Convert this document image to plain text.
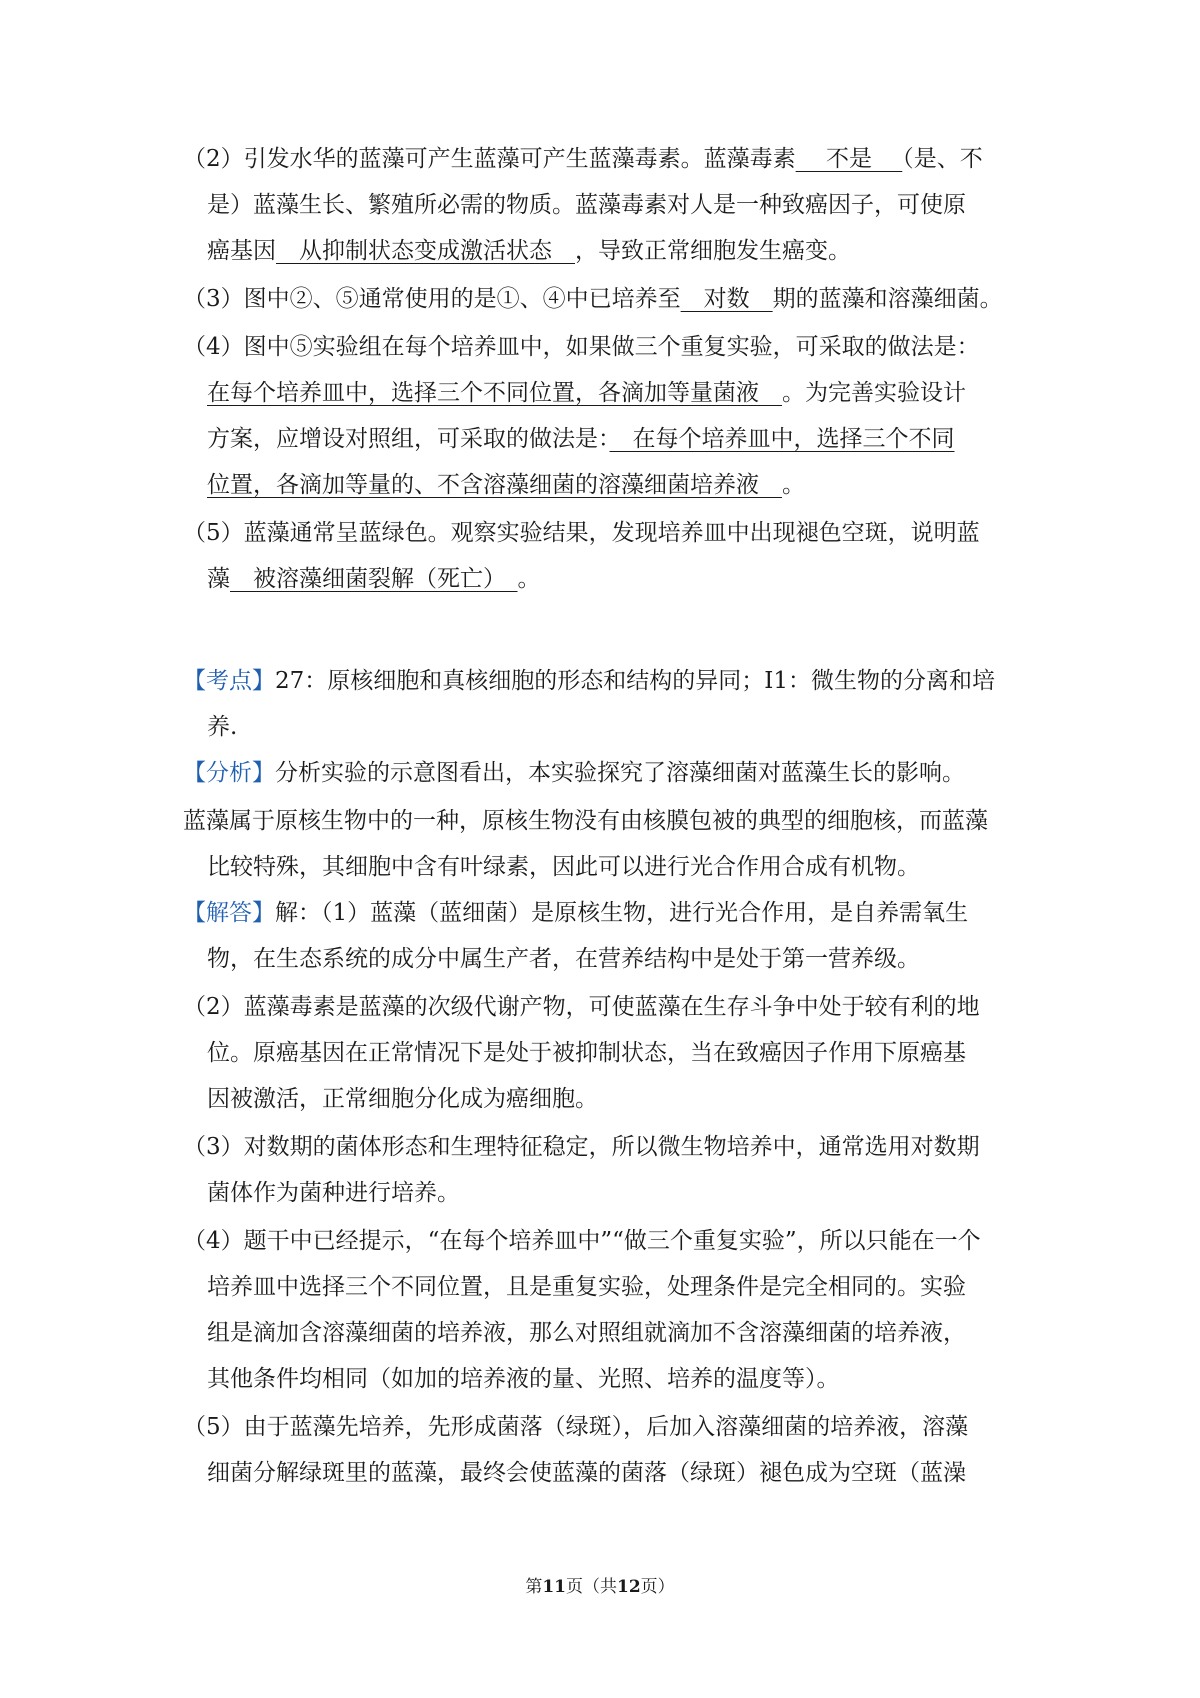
（2）引发水华的蓝藻可产生蓝藻可产生蓝藻毒素。蓝藻毒素　 不是 　（是、不
是）蓝藻生长、繁殖所必需的物质。蓝藻毒素对人是一种致癌因子，可使原
癌基因　从抑制状态变成激活状态　，导致正常细胞发生癌变。
（3）图中②、⑤通常使用的是①、④中已培养至　对数　期的蓝藻和溶藻细菌。
（4）图中⑤实验组在每个培养皿中，如果做三个重复实验，可采取的做法是：
在每个培养皿中，选择三个不同位置，各滴加等量菌液　。为完善实验设计
方案，应增设对照组，可采取的做法是：　在每个培养皿中，选择三个不同
位置，各滴加等量的、不含溶藻细菌的溶藻细菌培养液　。
（5）蓝藻通常呈蓝绿色。观察实验结果，发现培养皿中出现褪色空斑，说明蓝
藻　被溶藻细菌裂解（死亡）　。
【考点】27：原核细胞和真核细胞的形态和结构的异同；I1：微生物的分离和培
养.
【分析】分析实验的示意图看出，本实验探究了溶藻细菌对蓝藻生长的影响。
蓝藻属于原核生物中的一种，原核生物没有由核膜包被的典型的细胞核，而蓝藻
比较特殊，其细胞中含有叶绿素，因此可以进行光合作用合成有机物。
【解答】解：（1）蓝藻（蓝细菌）是原核生物，进行光合作用，是自养需氧生
物，在生态系统的成分中属生产者，在营养结构中是处于第一营养级。
（2）蓝藻毒素是蓝藻的次级代谢产物，可使蓝藻在生存斗争中处于较有利的地
位。原癌基因在正常情况下是处于被抑制状态，当在致癌因子作用下原癌基
因被激活，正常细胞分化成为癌细胞。
（3）对数期的菌体形态和生理特征稳定，所以微生物培养中，通常选用对数期
菌体作为菌种进行培养。
（4）题干中已经提示，“在每个培养皿中”“做三个重复实验”，所以只能在一个
培养皿中选择三个不同位置，且是重复实验，处理条件是完全相同的。实验
组是滴加含溶藻细菌的培养液，那么对照组就滴加不含溶藻细菌的培养液，
其他条件均相同（如加的培养液的量、光照、培养的温度等）。
（5）由于蓝藻先培养，先形成菌落（绿斑），后加入溶藻细菌的培养液，溶藻
细菌分解绿斑里的蓝藻，最终会使蓝藻的菌落（绿斑）褪色成为空斑（蓝澡
第11页（共12页）
